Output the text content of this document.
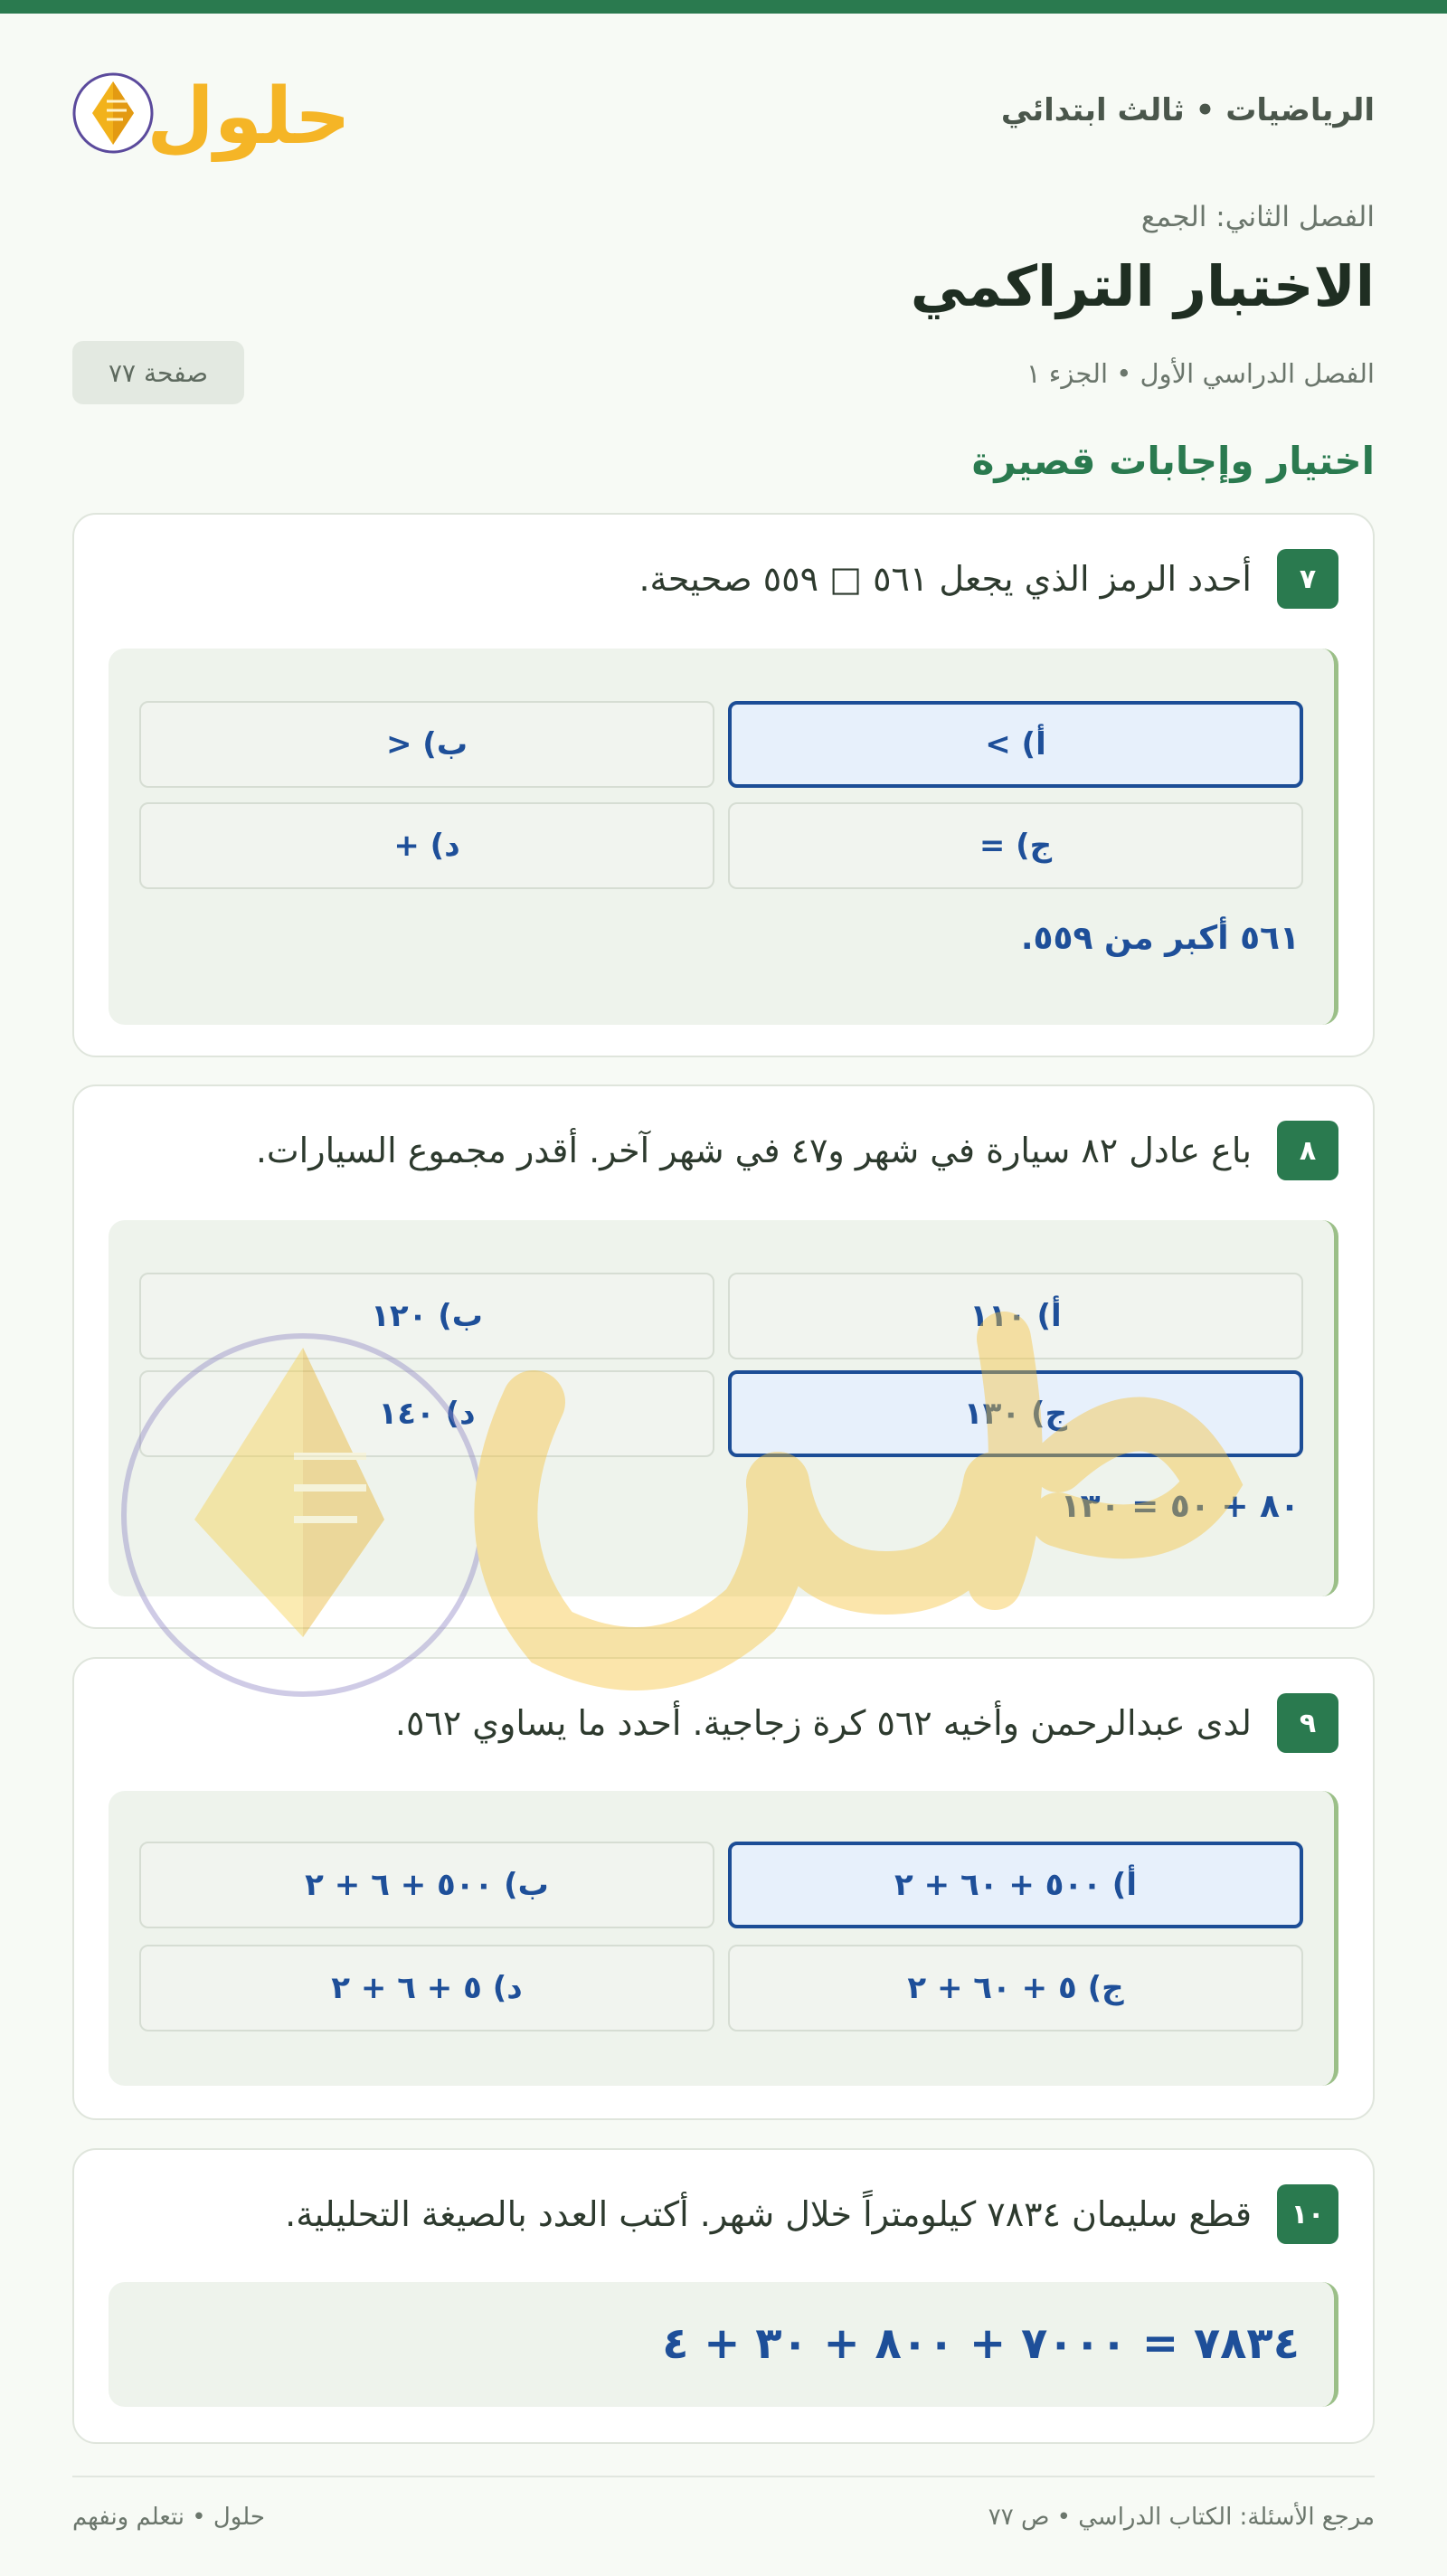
الرياضيات • ثالث ابتدائي
حلول
الفصل الثاني: الجمع
الاختبار التراكمي
الفصل الدراسي الأول • الجزء ١
صفحة ٧٧
اختيار وإجابات قصيرة
٧
أحدد الرمز الذي يجعل ٥٦١ □ ٥٥٩ صحيحة.
أ) >
ب) <
ج) =
د) +
٥٦١ أكبر من ٥٥٩.
٨
باع عادل ٨٢ سيارة في شهر و٤٧ في شهر آخر. أقدر مجموع السيارات.
أ) ١١٠
ب) ١٢٠
ج) ١٣٠
د) ١٤٠
٨٠ + ٥٠ = ١٣٠
٩
لدى عبدالرحمن وأخيه ٥٦٢ كرة زجاجية. أحدد ما يساوي ٥٦٢.
أ) ٥٠٠ + ٦٠ + ٢
ب) ٥٠٠ + ٦ + ٢
ج) ٥ + ٦٠ + ٢
د) ٥ + ٦ + ٢
١٠
قطع سليمان ٧٨٣٤ كيلومتراً خلال شهر. أكتب العدد بالصيغة التحليلية.
٧٨٣٤ = ٧٠٠٠ + ٨٠٠ + ٣٠ + ٤
مرجع الأسئلة: الكتاب الدراسي • ص ٧٧
حلول • نتعلم ونفهم
